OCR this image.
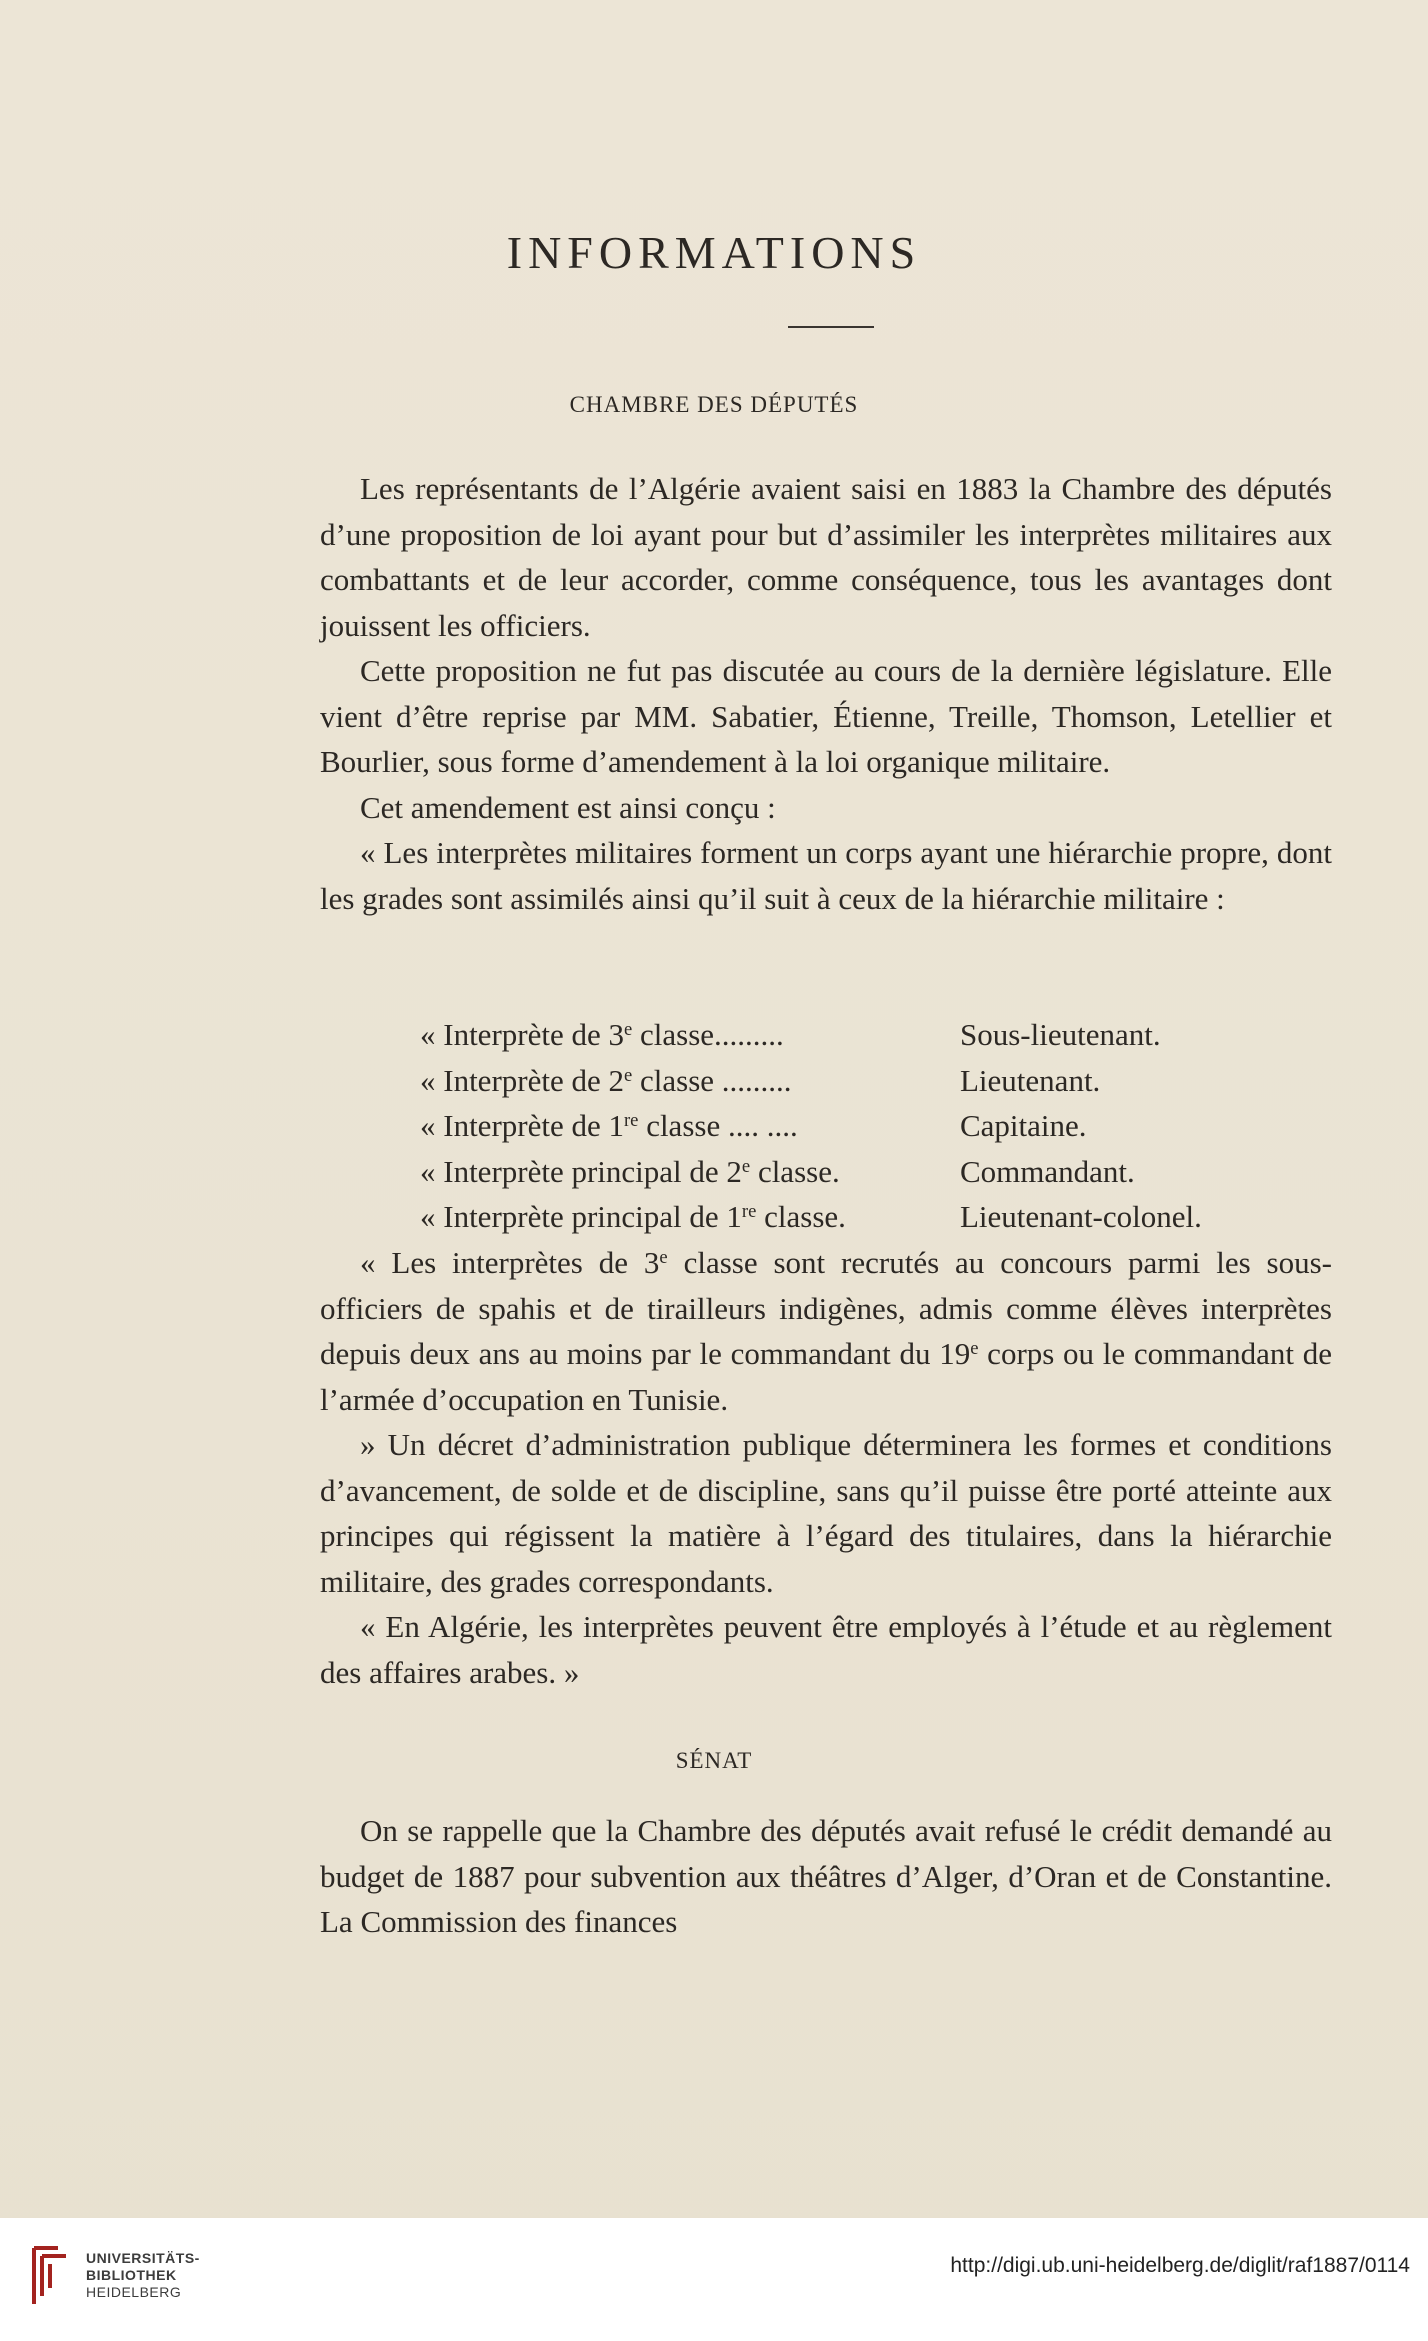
INFORMATIONS
CHAMBRE DES DÉPUTÉS

Les représentants de l’Algérie avaient saisi en 1883 la Chambre des députés d’une proposition de loi ayant pour but d’assimiler les interprètes militaires aux combattants et de leur accorder, comme conséquence, tous les avantages dont jouissent les officiers.

Cette proposition ne fut pas discutée au cours de la dernière législature. Elle vient d’être reprise par MM. Sabatier, Étienne, Treille, Thomson, Letellier et Bourlier, sous forme d’amendement à la loi organique militaire.

Cet amendement est ainsi conçu :

« Les interprètes militaires forment un corps ayant une hiérarchie propre, dont les grades sont assimilés ainsi qu’il suit à ceux de la hiérarchie militaire :

« Interprète de 3e classe.........	Sous-lieutenant.
« Interprète de 2e classe .........	Lieutenant.
« Interprète de 1re classe .... ....	Capitaine.
« Interprète principal de 2e classe.	Commandant.
« Interprète principal de 1re classe.	Lieutenant-colonel.

« Les interprètes de 3e classe sont recrutés au concours parmi les sous-officiers de spahis et de tirailleurs indigènes, admis comme élèves interprètes depuis deux ans au moins par le commandant du 19e corps ou le commandant de l’armée d’occupation en Tunisie.

» Un décret d’administration publique déterminera les formes et conditions d’avancement, de solde et de discipline, sans qu’il puisse être porté atteinte aux principes qui régissent la matière à l’égard des titulaires, dans la hiérarchie militaire, des grades correspondants.

« En Algérie, les interprètes peuvent être employés à l’étude et au règlement des affaires arabes. »

SÉNAT

On se rappelle que la Chambre des députés avait refusé le crédit demandé au budget de 1887 pour subvention aux théâtres d’Alger, d’Oran et de Constantine. La Commission des finances

UNIVERSITÄTS-
BIBLIOTHEK
HEIDELBERG
http://digi.ub.uni-heidelberg.de/diglit/raf1887/0114
